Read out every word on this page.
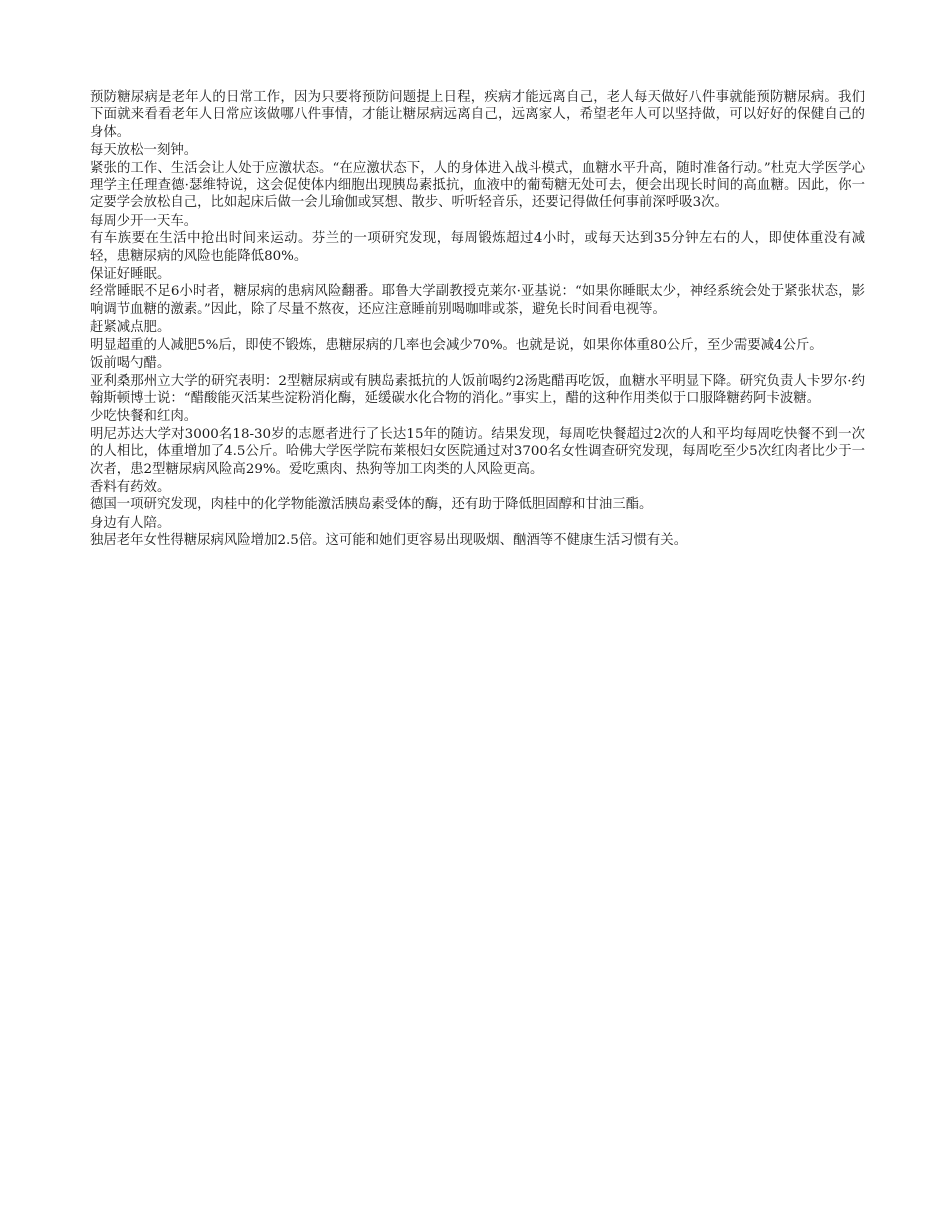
预防糖尿病是老年人的日常工作，因为只要将预防问题提上日程，疾病才能远离自己，老人每天做好八件事就能预防糖尿病。我们下面就来看看老年人日常应该做哪八件事情，才能让糖尿病远离自己，远离家人，希望老年人可以坚持做，可以好好的保健自己的身体。

每天放松一刻钟。

紧张的工作、生活会让人处于应激状态。“在应激状态下，人的身体进入战斗模式，血糖水平升高，随时准备行动。”杜克大学医学心理学主任理查德·瑟维特说，这会促使体内细胞出现胰岛素抵抗，血液中的葡萄糖无处可去，便会出现长时间的高血糖。因此，你一定要学会放松自己，比如起床后做一会儿瑜伽或冥想、散步、听听轻音乐，还要记得做任何事前深呼吸3次。

每周少开一天车。

有车族要在生活中抢出时间来运动。芬兰的一项研究发现，每周锻炼超过4小时，或每天达到35分钟左右的人，即使体重没有减轻，患糖尿病的风险也能降低80%。

保证好睡眠。

经常睡眠不足6小时者，糖尿病的患病风险翻番。耶鲁大学副教授克莱尔·亚基说：“如果你睡眠太少，神经系统会处于紧张状态，影响调节血糖的激素。”因此，除了尽量不熬夜，还应注意睡前别喝咖啡或茶，避免长时间看电视等。

赶紧减点肥。

明显超重的人减肥5%后，即使不锻炼，患糖尿病的几率也会减少70%。也就是说，如果你体重80公斤，至少需要减4公斤。

饭前喝勺醋。

亚利桑那州立大学的研究表明：2型糖尿病或有胰岛素抵抗的人饭前喝约2汤匙醋再吃饭，血糖水平明显下降。研究负责人卡罗尔·约翰斯顿博士说：“醋酸能灭活某些淀粉消化酶，延缓碳水化合物的消化。”事实上，醋的这种作用类似于口服降糖药阿卡波糖。

少吃快餐和红肉。

明尼苏达大学对3000名18-30岁的志愿者进行了长达15年的随访。结果发现，每周吃快餐超过2次的人和平均每周吃快餐不到一次的人相比，体重增加了4.5公斤。哈佛大学医学院布莱根妇女医院通过对3700名女性调查研究发现，每周吃至少5次红肉者比少于一次者，患2型糖尿病风险高29%。爱吃熏肉、热狗等加工肉类的人风险更高。

香料有药效。

德国一项研究发现，肉桂中的化学物能激活胰岛素受体的酶，还有助于降低胆固醇和甘油三酯。

身边有人陪。

独居老年女性得糖尿病风险增加2.5倍。这可能和她们更容易出现吸烟、酗酒等不健康生活习惯有关。
